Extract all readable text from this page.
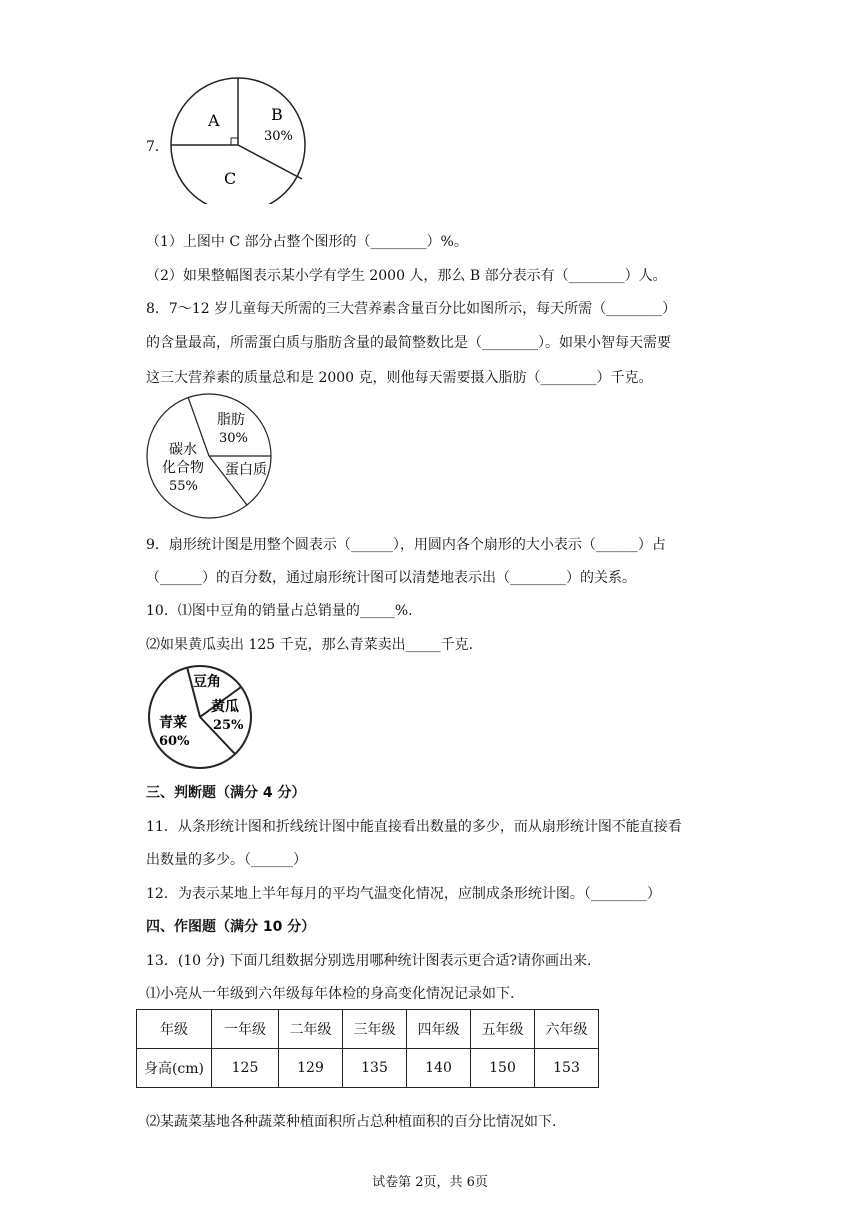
7．
A	B
30%
C
（1）上图中 C 部分占整个图形的（________）%。
（2）如果整幅图表示某小学有学生 2000 人，那么 B 部分表示有（________）人。
8．7～12 岁儿童每天所需的三大营养素含量百分比如图所示，每天所需（________）
的含量最高，所需蛋白质与脂肪含量的最简整数比是（________）。如果小智每天需要
这三大营养素的质量总和是 2000 克，则他每天需要摄入脂肪（________）千克。
脂肪
30%
碳水
化合物
55%
蛋白质
9．扇形统计图是用整个圆表示（______），用圆内各个扇形的大小表示（______）占
（______）的百分数，通过扇形统计图可以清楚地表示出（________）的关系。
10．⑴图中豆角的销量占总销量的_____%.
⑵如果黄瓜卖出 125 千克，那么青菜卖出_____千克.
豆角
黄瓜
25%
青菜
60%
三、判断题（满分 4 分）
11．从条形统计图和折线统计图中能直接看出数量的多少，而从扇形统计图不能直接看
出数量的多少。（______）
12．为表示某地上半年每月的平均气温变化情况，应制成条形统计图。（________）
四、作图题（满分 10 分）
13．(10 分) 下面几组数据分别选用哪种统计图表示更合适?请你画出来.
⑴小亮从一年级到六年级每年体检的身高变化情况记录如下.
年级	一年级	二年级	三年级	四年级	五年级	六年级
身高(cm)	125	129	135	140	150	153
⑵某蔬菜基地各种蔬菜种植面积所占总种植面积的百分比情况如下.
试卷第 2页，共 6页
